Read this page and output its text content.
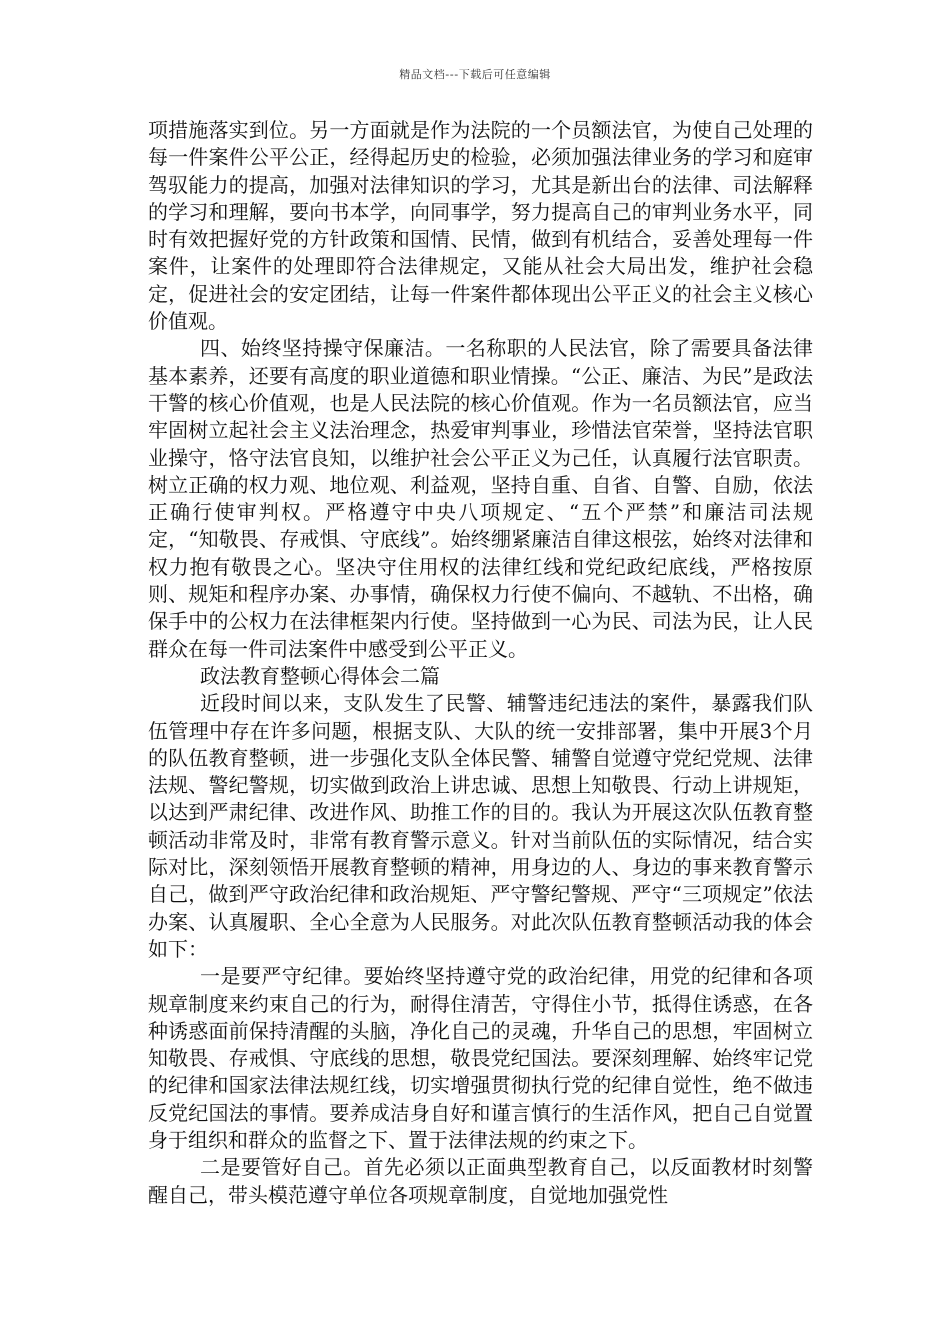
精品文档---下载后可任意编辑

项措施落实到位。另一方面就是作为法院的一个员额法官，为使自己处理的每一件案件公平公正，经得起历史的检验，必须加强法律业务的学习和庭审驾驭能力的提高，加强对法律知识的学习，尤其是新出台的法律、司法解释的学习和理解，要向书本学，向同事学，努力提高自己的审判业务水平，同时有效把握好党的方针政策和国情、民情，做到有机结合，妥善处理每一件案件，让案件的处理即符合法律规定，又能从社会大局出发，维护社会稳定，促进社会的安定团结，让每一件案件都体现出公平正义的社会主义核心价值观。

四、始终坚持操守保廉洁。一名称职的人民法官，除了需要具备法律基本素养，还要有高度的职业道德和职业情操。“公正、廉洁、为民”是政法干警的核心价值观，也是人民法院的核心价值观。作为一名员额法官，应当牢固树立起社会主义法治理念，热爱审判事业，珍惜法官荣誉，坚持法官职业操守，恪守法官良知，以维护社会公平正义为己任，认真履行法官职责。树立正确的权力观、地位观、利益观，坚持自重、自省、自警、自励，依法正确行使审判权。严格遵守中央八项规定、“五个严禁”和廉洁司法规定，“知敬畏、存戒惧、守底线”。始终绷紧廉洁自律这根弦，始终对法律和权力抱有敬畏之心。坚决守住用权的法律红线和党纪政纪底线，严格按原则、规矩和程序办案、办事情，确保权力行使不偏向、不越轨、不出格，确保手中的公权力在法律框架内行使。坚持做到一心为民、司法为民，让人民群众在每一件司法案件中感受到公平正义。

政法教育整顿心得体会二篇

近段时间以来，支队发生了民警、辅警违纪违法的案件，暴露我们队伍管理中存在许多问题，根据支队、大队的统一安排部署，集中开展3个月的队伍教育整顿，进一步强化支队全体民警、辅警自觉遵守党纪党规、法律法规、警纪警规，切实做到政治上讲忠诚、思想上知敬畏、行动上讲规矩，以达到严肃纪律、改进作风、助推工作的目的。我认为开展这次队伍教育整顿活动非常及时，非常有教育警示意义。针对当前队伍的实际情况，结合实际对比，深刻领悟开展教育整顿的精神，用身边的人、身边的事来教育警示自己，做到严守政治纪律和政治规矩、严守警纪警规、严守“三项规定”依法办案、认真履职、全心全意为人民服务。对此次队伍教育整顿活动我的体会如下：

一是要严守纪律。要始终坚持遵守党的政治纪律，用党的纪律和各项规章制度来约束自己的行为，耐得住清苦，守得住小节，抵得住诱惑，在各种诱惑面前保持清醒的头脑，净化自己的灵魂，升华自己的思想，牢固树立知敬畏、存戒惧、守底线的思想，敬畏党纪国法。要深刻理解、始终牢记党的纪律和国家法律法规红线，切实增强贯彻执行党的纪律自觉性，绝不做违反党纪国法的事情。要养成洁身自好和谨言慎行的生活作风，把自己自觉置身于组织和群众的监督之下、置于法律法规的约束之下。

二是要管好自己。首先必须以正面典型教育自己，以反面教材时刻警醒自己，带头模范遵守单位各项规章制度，自觉地加强党性
